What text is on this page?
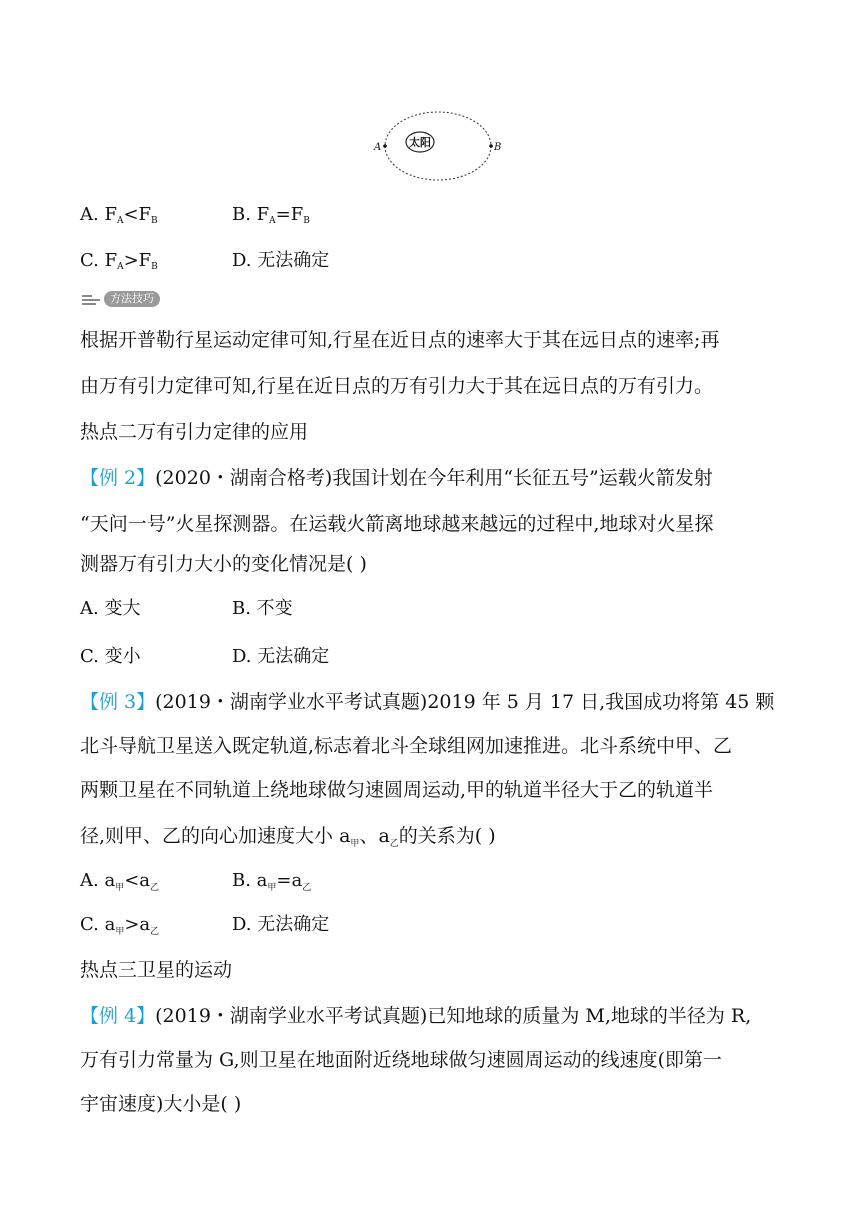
太阳
A	B
A. $F_A<F_B$	B. $F_A=F_B$
C. $F_A>F_B$	D. 无法确定
方法技巧
根据开普勒行星运动定律可知,行星在近日点的速率大于其在远日点的速率;再
由万有引力定律可知,行星在近日点的万有引力大于其在远日点的万有引力。
热点二万有引力定律的应用
【例 2】(2020・湖南合格考)我国计划在今年利用“长征五号”运载火箭发射
“天问一号”火星探测器。在运载火箭离地球越来越远的过程中,地球对火星探
测器万有引力大小的变化情况是( )
A. 变大	B. 不变
C. 变小	D. 无法确定
【例 3】(2019・湖南学业水平考试真题)2019 年 5 月 17 日,我国成功将第 45 颗
北斗导航卫星送入既定轨道,标志着北斗全球组网加速推进。北斗系统中甲、乙
两颗卫星在不同轨道上绕地球做匀速圆周运动,甲的轨道半径大于乙的轨道半
径,则甲、乙的向心加速度大小 $a_甲$、$a_乙$的关系为( )
A. $a_甲<a_乙$	B. $a_甲=a_乙$
C. $a_甲>a_乙$	D. 无法确定
热点三卫星的运动
【例 4】(2019・湖南学业水平考试真题)已知地球的质量为 M,地球的半径为 R,
万有引力常量为 G,则卫星在地面附近绕地球做匀速圆周运动的线速度(即第一
宇宙速度)大小是( )
